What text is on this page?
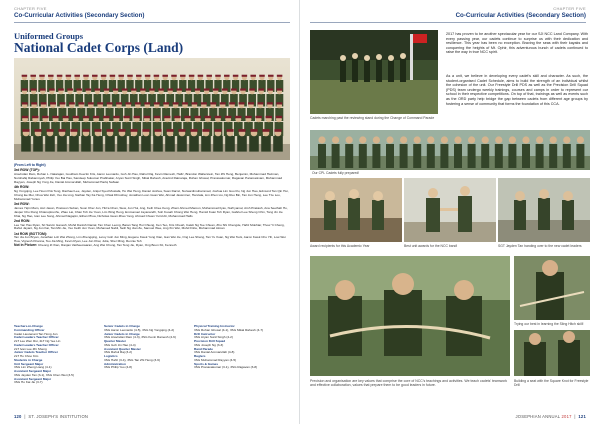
CHAPTER FIVE
Co-Curricular Activities (Secondary Section)
Uniformed Groups
National Cadet Corps (Land)
(From Left to Right)
3rd ROW (TOP):
Aravindan Ram, Rohan L. Natarajan, Goutham Keertin Kris, Aaron Leonardo, Goh Jin Hao, Rahul Raj, Kevin Ramesh, Hafiz, Brandon Wallerstein, Tan Zhi Heng, Benjamin, Muhammad Hazman, Nurshafiq Rabamsyah, Philip Yeo Bai Hau, Sandeep Sukumar Prabhakar, Aryan Sunil Singh, Mikal Rahesh, Aravind Ratnaraja, Rohan Ghosal, Pranavakumar, Ragavan Paramasivam, Muhammad Rayyan, Joseph Ng Yong Jie, Danial Ammarullah, Muhammad Haziq Safwan
4th ROW:
Ng Yongqing, Lee Hoon Pok Teng, Rachael Lee, Jayden, Ariqul Syed Mustafa, Ho Wei Heng, Daniel Joshua, Suan Darrel, Nurwardimuhammad, Joshua Lim Guo Ru, Ng Jun Hao, Edmund Tan Qin Hui, Chong Ee Mei, Chua Wei Zeh, Yeo Jia Ling, Nathan Tay Ka Heng, Chiak Dhrushay, Jonathan Loon Guan Wei, Ahmad Jassminer, Hanzala, Lim Zhen Liu, Ng Ruo Bin, Tan Jun Heng, Lee Tze Loo, Muhammad Yunus
3rd ROW:
James Yiqin Mam, Asri Jason, Pratosun Suban, Soon Kher Jun, Hizra Chan, Siew, Jun Hui, Ang, Keih Chee Keng, Zheni Ahmed Mamun, Muhammad Ilyas, Nurhyamal, Arsh Prakash, Ana Seethah Ho, Jasper Cho Rong Chianuptrenhu, Zhao Lai, Chan Toh Jie Yuan, Lim Wing Heng, Emmanuel Jayanandh, Soh Kuoah Chong Wei Heng, Hamid Kuan Toh Ryan, Gabriel Lee Sheng Chin, Tong Jin Jie Khai, Ng Hao, Ivan Lee Song, Ahmad Nagapin, Ethan Phua, Nicholas Guan Zhao Yang, Ahmad Chuan Yurid Ali, Muhammad Hafis
2nd ROW:
Lee Yan Hao Ryan, Sri Sarvin Ganesh, Mohd Danish Danial, Tan Chen Leong, Baran Tang Hui Chieng, Ken Teo, Kris Cheah, Caleb Ng Tee Chuan, Zhu Shi Chengde, Hafiz Mokhtar, Thow Yi Cheng, Rahul Jayant, Ng Jun Kai, Tan Min Jie, Yeo Keith Jun Yuan, Mohamed Nabil, Seth Ng Jian Ze, Samuel Wee, Ang Xin Wei, Muhd Fitrie, Muhammad Aiman
1st ROW (BOTTOM):
Tan Jia Jun Bryan, Jonathan Loh Wei Zhong, Lim Zhengqing, Leroy Goh Jun Ming, Eugene Kwek Yong Xian, Gan Wei Jie, Ong Lee Sheng, Tan Yu Xuan, Ng Wei Teck, Aaron Kwek Chu Yih, Low Wei Hua, Vignesh Khanna, Teo Jia Ming, Kevin Ryan, Lee Jun Khai, Julia, Sher Ming, Rennie Teh
Not in Picture: Cheong Zi Xian, Ranjan Vaitheeswaran, Ang Wei Chong, Tan Teng Jie, Ryan, Ong Boon Kit, Kenneth
Teachers-in-Charge
Commanding Officer
Cadet Lieutenant Tan Hong Jun
Cadet Leaders Teacher Officer
2LT Lee Wen Rui, 2LT Ng Yee Lin
Cadet Leaders Teacher Officer
2LT Ivan Lee Zhi Sheng
Junior Cadets Teacher Officer
2LT Ho Choo Kim
Students in Charge
Unit Sergeant Major
3SG Lim Zheng Liang (4-1)
Assistant Sergeant Major
3SG Jayden Tan (3-1), 3SG Chen Wei (3-5)
Assistant Sergeant Major
3SG Ho Kai Jie (3-7)
Senior Cadets in Charge
3SG Aaron Leonardo (4-5), 3SG Ng Yongqing (4-2)
Junior Cadets in Charge
3SG Aravindan Ram (4-3), 3SG Kevin Ramesh (4-6)
Quarter Master
3SG Goh Jin Hao (4-4)
Assistant Quarter Master
3SG Rahul Raj (3-2)
Logistics
3SG Hafiz (3-4), 3SG Tan Zhi Heng (3-6)
Administration
3SG Philip Yeo (4-8)
Physical Training Instructor
3SG Rohan Ghosal (4-1), 3SG Mikal Rahesh (4-7)
Drill Instructor
3SG Aryan Sunil Singh (4-2)
Precision Drill Squad
3SG Joseph Ng (3-3)
Band Parade
3SG Danial Ammarullah (4-8)
Buglers
3SG Muhammad Rayyan (4-5)
Sports & Games
3SG Pranavakumar (3-1), 3SG Ragavan (3-8)
120  |  ST. JOSEPH'S INSTITUTION
CHAPTER FIVE
Co-Curricular Activities (Secondary Section)
Cadets marching past the reviewing stand during the Change of Command Parade
2017 has proven to be another spectacular year for our SJI NCC Land Company. With every passing year, our cadets continue to surprise us with their dedication and resilience. This year has been no exception. Braving the seas with their kayaks and conquering the heights of Mt. Ophir, this adventurous bunch of cadets continued to raise the way in true NCC spirit.
As a unit, we believe in developing every cadet's skill and character. As such, the student-organised Cadet Schedule, aims to build the strength of an individual whilst the cohesion of the unit. Our Freestyle Drill PDS as well as the Precision Drill Squad (PDS) team undergo weekly trainings, courses and camps in order to represent our school in their respective competitions. On top of that, trainings as well as events such as the ORD party help bridge the gap between cadets from different age groups by fostering a sense of community that forms the foundation of this CCA.
Our CPL Cadets fully prepared!
Award recipients for this Academic Year	Best unit awards for the NCC band!	SGT Jayden Tan handing over to the new cadet leaders
Trying our best in learning the Sling Hitch skill!
Precision and organisation are key values that comprise the core of NCC's teachings and activities. We teach cadets' teamwork and effective collaboration, values that prepare them to be good leaders in future.
Building a seat with the Square Knot for Freestyle Drill
JOSEPHIAN ANNUAL 2017  |  121
